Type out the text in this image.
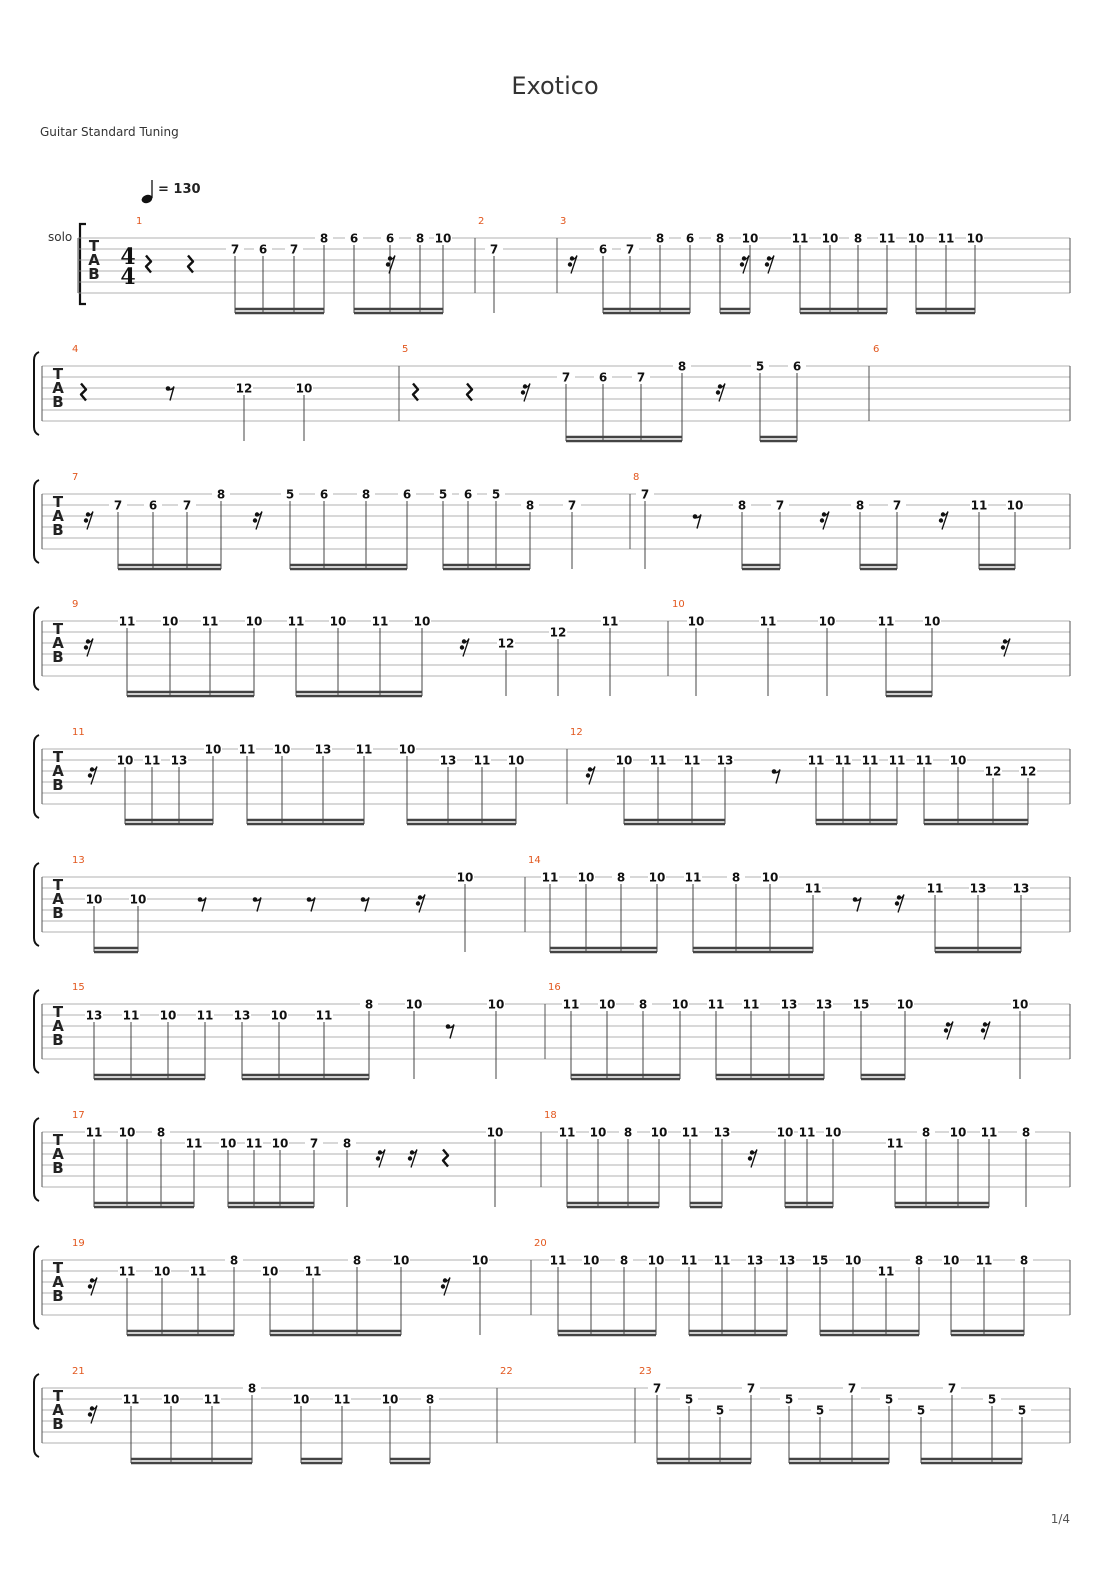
Exotico
Guitar Standard Tuning
= 130
solo T
A
B
4
4
1	2	3
7 6 7
8 6 6 8 10
7	6 7
8 6 8 10	11 10 8 11 10 11 10
T
A
B
4	5	6
12	10
7 6 7
8	5 6
T
A
B
7	8
7 6 7
8	5 6	8	6 5 6 5
8	7
7
8 7	8 7	11 10
T
A
B
9	10
11 10 11 10 11 10 11 10
12
12
11	10	11	10	11 10
T
A
B
11	12
10 11 13
10 11 10 13 11 10
13 11 10	10 11 11 13	11 11 11 11 11 10
12 12
T
A
B
13	14
10 10
10	11 10 8 10 11	8 10
11	11 13 13
T
A
B
15	16
13 11 10 11 13 10 11
8	10	10	11 10 8 10 11 11 13 13 15 10	10
T
A
B
17	18
11 10 8
11 10 11 10 7 8
10	11 10 8 10 11 13	10 11 10
11
8 10 11 8
T
A
B
19	20
11 10 11
8
10 11
8	10	10	11 10 8 10 11 11 13 13 15 10
11
8 10 11 8
T
A
B
21	22	23
11 10 11
8
10 11	10 8
7
5
5
7
5
5
7
5
5
7
5
5
1/4
